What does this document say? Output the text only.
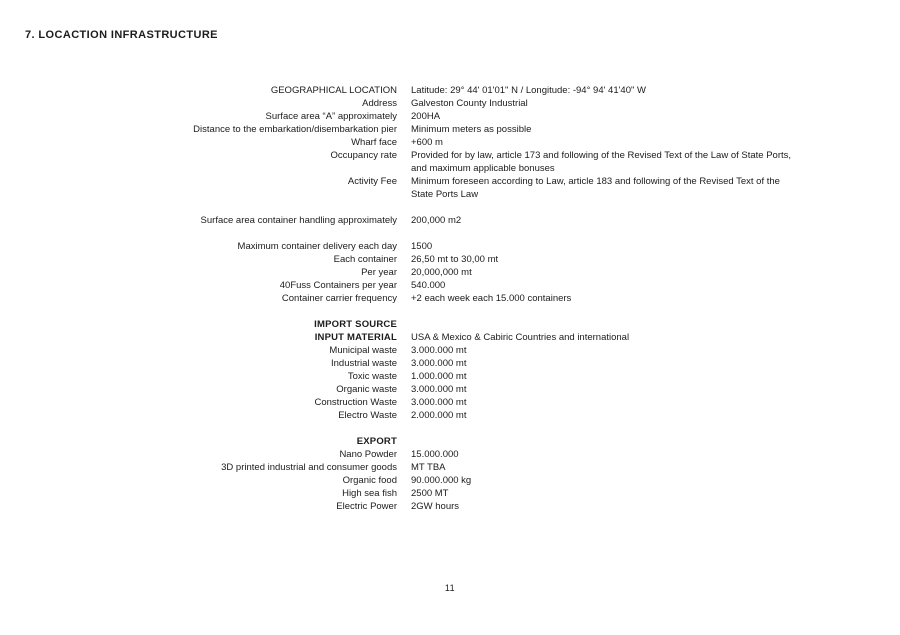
7. LOCACTION INFRASTRUCTURE
GEOGRAPHICAL LOCATION Latitude: 29° 44' 01'01" N / Longitude: -94° 94' 41'40" W
Address Galveston County Industrial
Surface area “A” approximately 200HA
Distance to the embarkation/disembarkation pier Minimum meters as possible
Wharf face +600 m
Occupancy rate Provided for by law, article 173 and following of the Revised Text of the Law of State Ports, and maximum applicable bonuses
Activity Fee Minimum foreseen according to Law, article 183 and following of the Revised Text of the State Ports Law
Surface area container handling approximately 200,000 m2
Maximum container delivery each day 1500
Each container 26,50 mt to 30,00 mt
Per year 20,000,000 mt
40Fuss Containers per year 540.000
Container carrier frequency +2 each week each 15.000 containers
IMPORT SOURCE
INPUT MATERIAL USA & Mexico & Cabiric Countries and international
Municipal waste 3.000.000 mt
Industrial waste 3.000.000 mt
Toxic waste 1.000.000 mt
Organic waste 3.000.000 mt
Construction Waste 3.000.000 mt
Electro Waste 2.000.000 mt
EXPORT
Nano Powder 15.000.000
3D printed industrial and consumer goods MT TBA
Organic food 90.000.000 kg
High sea fish 2500 MT
Electric Power 2GW hours
11
